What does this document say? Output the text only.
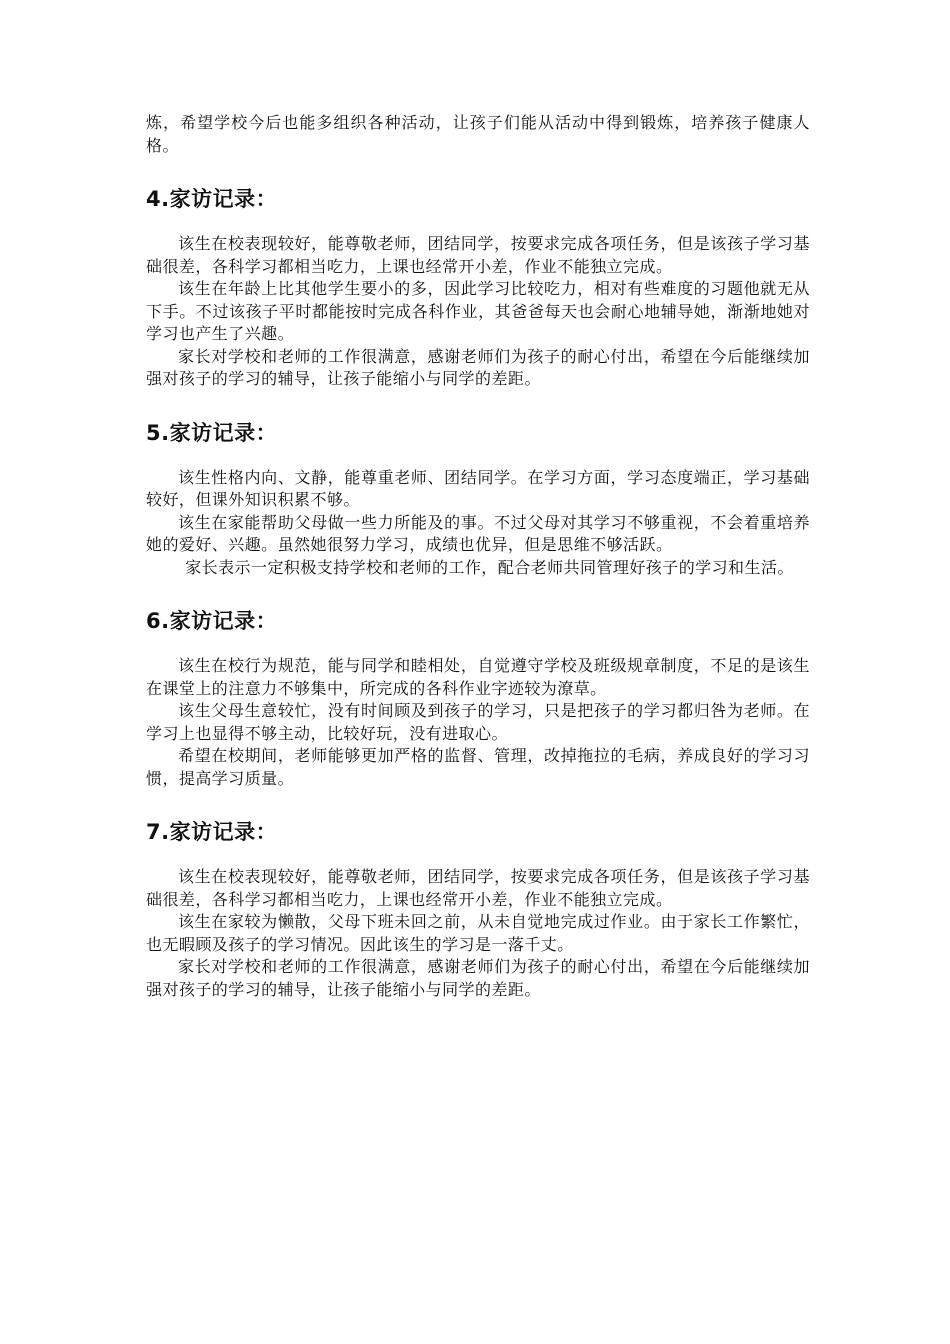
炼，希望学校今后也能多组织各种活动，让孩子们能从活动中得到锻炼，培养孩子健康人格。

4.家访记录：

该生在校表现较好，能尊敬老师，团结同学，按要求完成各项任务，但是该孩子学习基础很差，各科学习都相当吃力，上课也经常开小差，作业不能独立完成。

该生在年龄上比其他学生要小的多，因此学习比较吃力，相对有些难度的习题他就无从下手。不过该孩子平时都能按时完成各科作业，其爸爸每天也会耐心地辅导她，渐渐地她对学习也产生了兴趣。

家长对学校和老师的工作很满意，感谢老师们为孩子的耐心付出，希望在今后能继续加强对孩子的学习的辅导，让孩子能缩小与同学的差距。

5.家访记录：

该生性格内向、文静，能尊重老师、团结同学。在学习方面，学习态度端正，学习基础较好，但课外知识积累不够。

该生在家能帮助父母做一些力所能及的事。不过父母对其学习不够重视，不会着重培养她的爱好、兴趣。虽然她很努力学习，成绩也优异，但是思维不够活跃。

家长表示一定积极支持学校和老师的工作，配合老师共同管理好孩子的学习和生活。

6.家访记录：

该生在校行为规范，能与同学和睦相处，自觉遵守学校及班级规章制度，不足的是该生在课堂上的注意力不够集中，所完成的各科作业字迹较为潦草。

该生父母生意较忙，没有时间顾及到孩子的学习，只是把孩子的学习都归咎为老师。在学习上也显得不够主动，比较好玩，没有进取心。

希望在校期间，老师能够更加严格的监督、管理，改掉拖拉的毛病，养成良好的学习习惯，提高学习质量。

7.家访记录：

该生在校表现较好，能尊敬老师，团结同学，按要求完成各项任务，但是该孩子学习基础很差，各科学习都相当吃力，上课也经常开小差，作业不能独立完成。

该生在家较为懒散，父母下班未回之前，从未自觉地完成过作业。由于家长工作繁忙，也无暇顾及孩子的学习情况。因此该生的学习是一落千丈。

家长对学校和老师的工作很满意，感谢老师们为孩子的耐心付出，希望在今后能继续加强对孩子的学习的辅导，让孩子能缩小与同学的差距。
